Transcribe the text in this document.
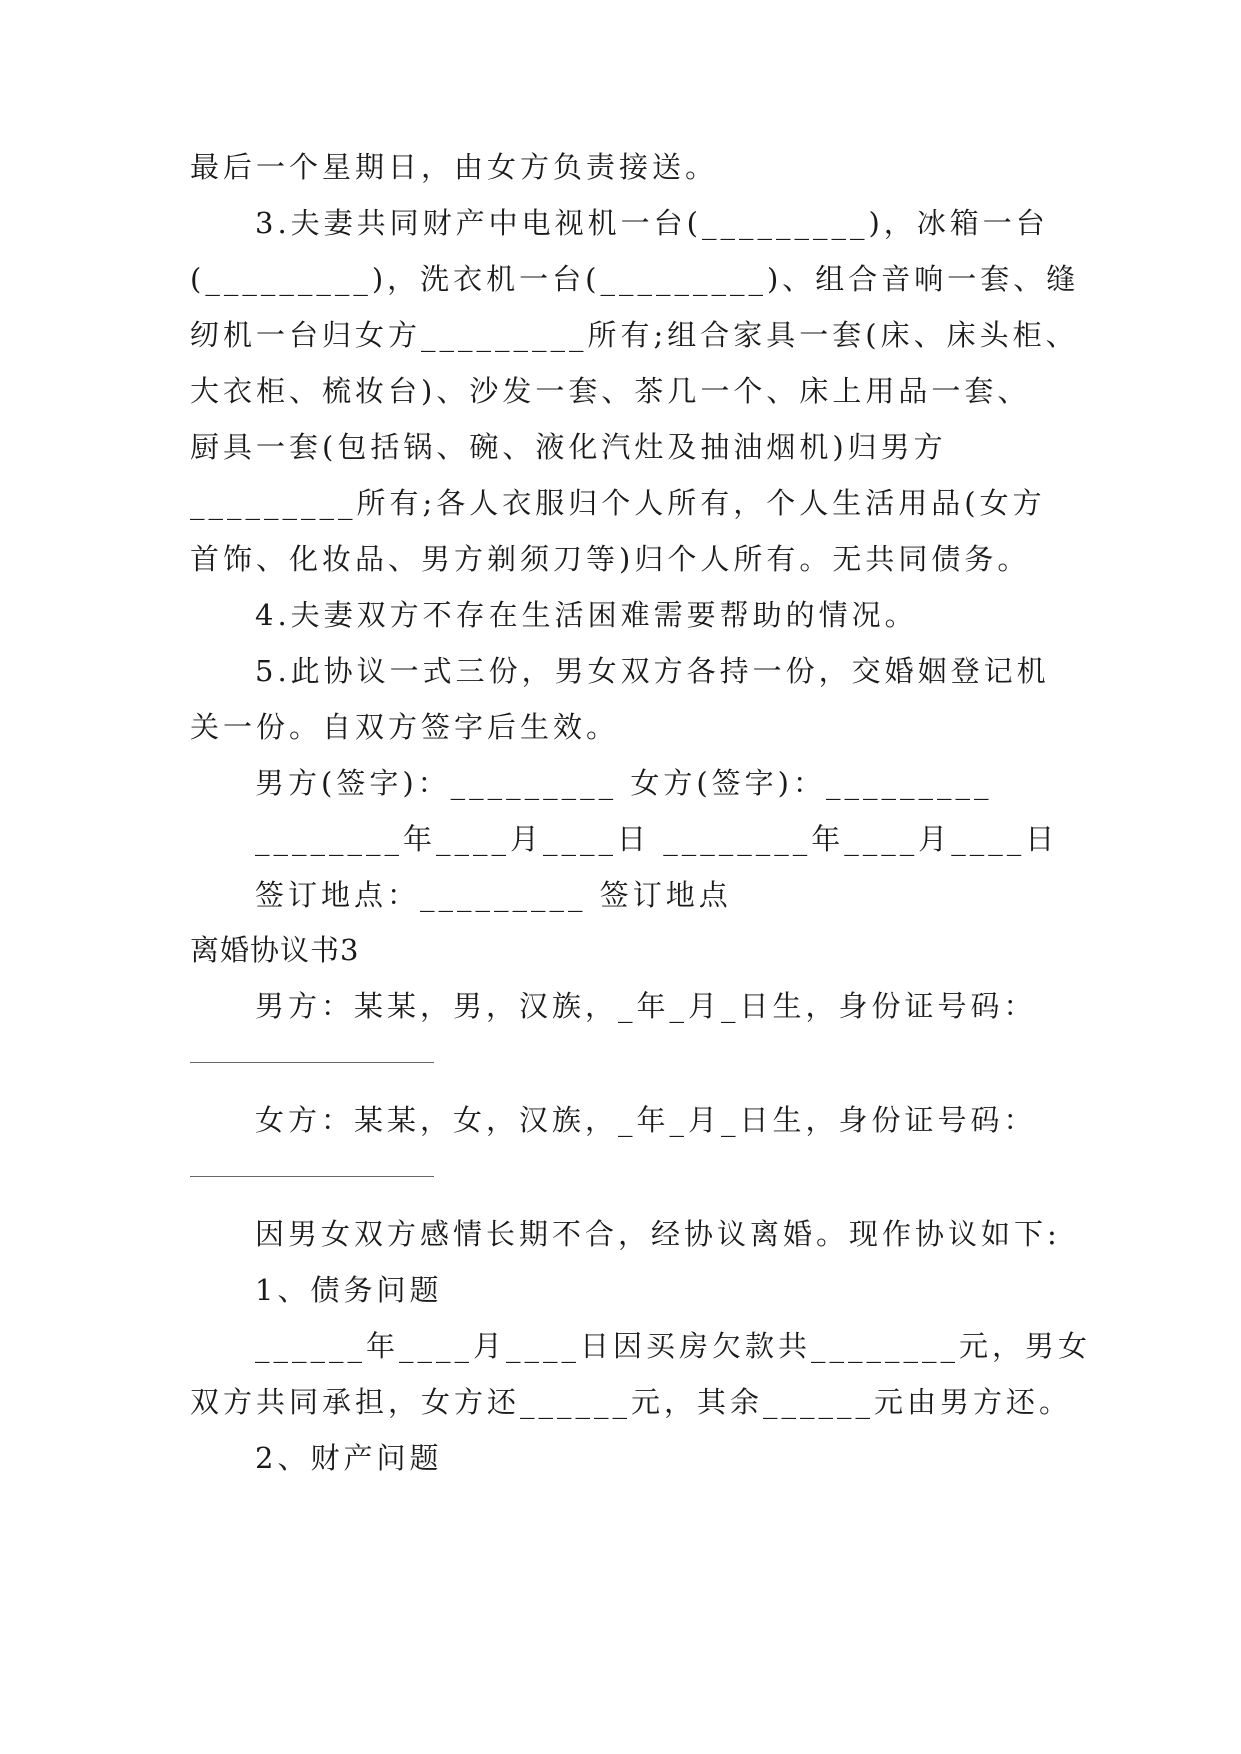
最后一个星期日，由女方负责接送。
3.夫妻共同财产中电视机一台(_________)，冰箱一台
(_________)，洗衣机一台(_________)、组合音响一套、缝
纫机一台归女方_________所有;组合家具一套(床、床头柜、
大衣柜、梳妆台)、沙发一套、茶几一个、床上用品一套、
厨具一套(包括锅、碗、液化汽灶及抽油烟机)归男方
_________所有;各人衣服归个人所有，个人生活用品(女方
首饰、化妆品、男方剃须刀等)归个人所有。无共同债务。
4.夫妻双方不存在生活困难需要帮助的情况。
5.此协议一式三份，男女双方各持一份，交婚姻登记机
关一份。自双方签字后生效。
男方(签字)：_________ 女方(签字)：_________
________年____月____日 ________年____月____日
签订地点：_________ 签订地点
离婚协议书3
男方：某某，男，汉族，_年_月_日生，身份证号码：
女方：某某，女，汉族，_年_月_日生，身份证号码：
因男女双方感情长期不合，经协议离婚。现作协议如下:
1、债务问题
______年____月____日因买房欠款共________元，男女
双方共同承担，女方还______元，其余______元由男方还。
2、财产问题
